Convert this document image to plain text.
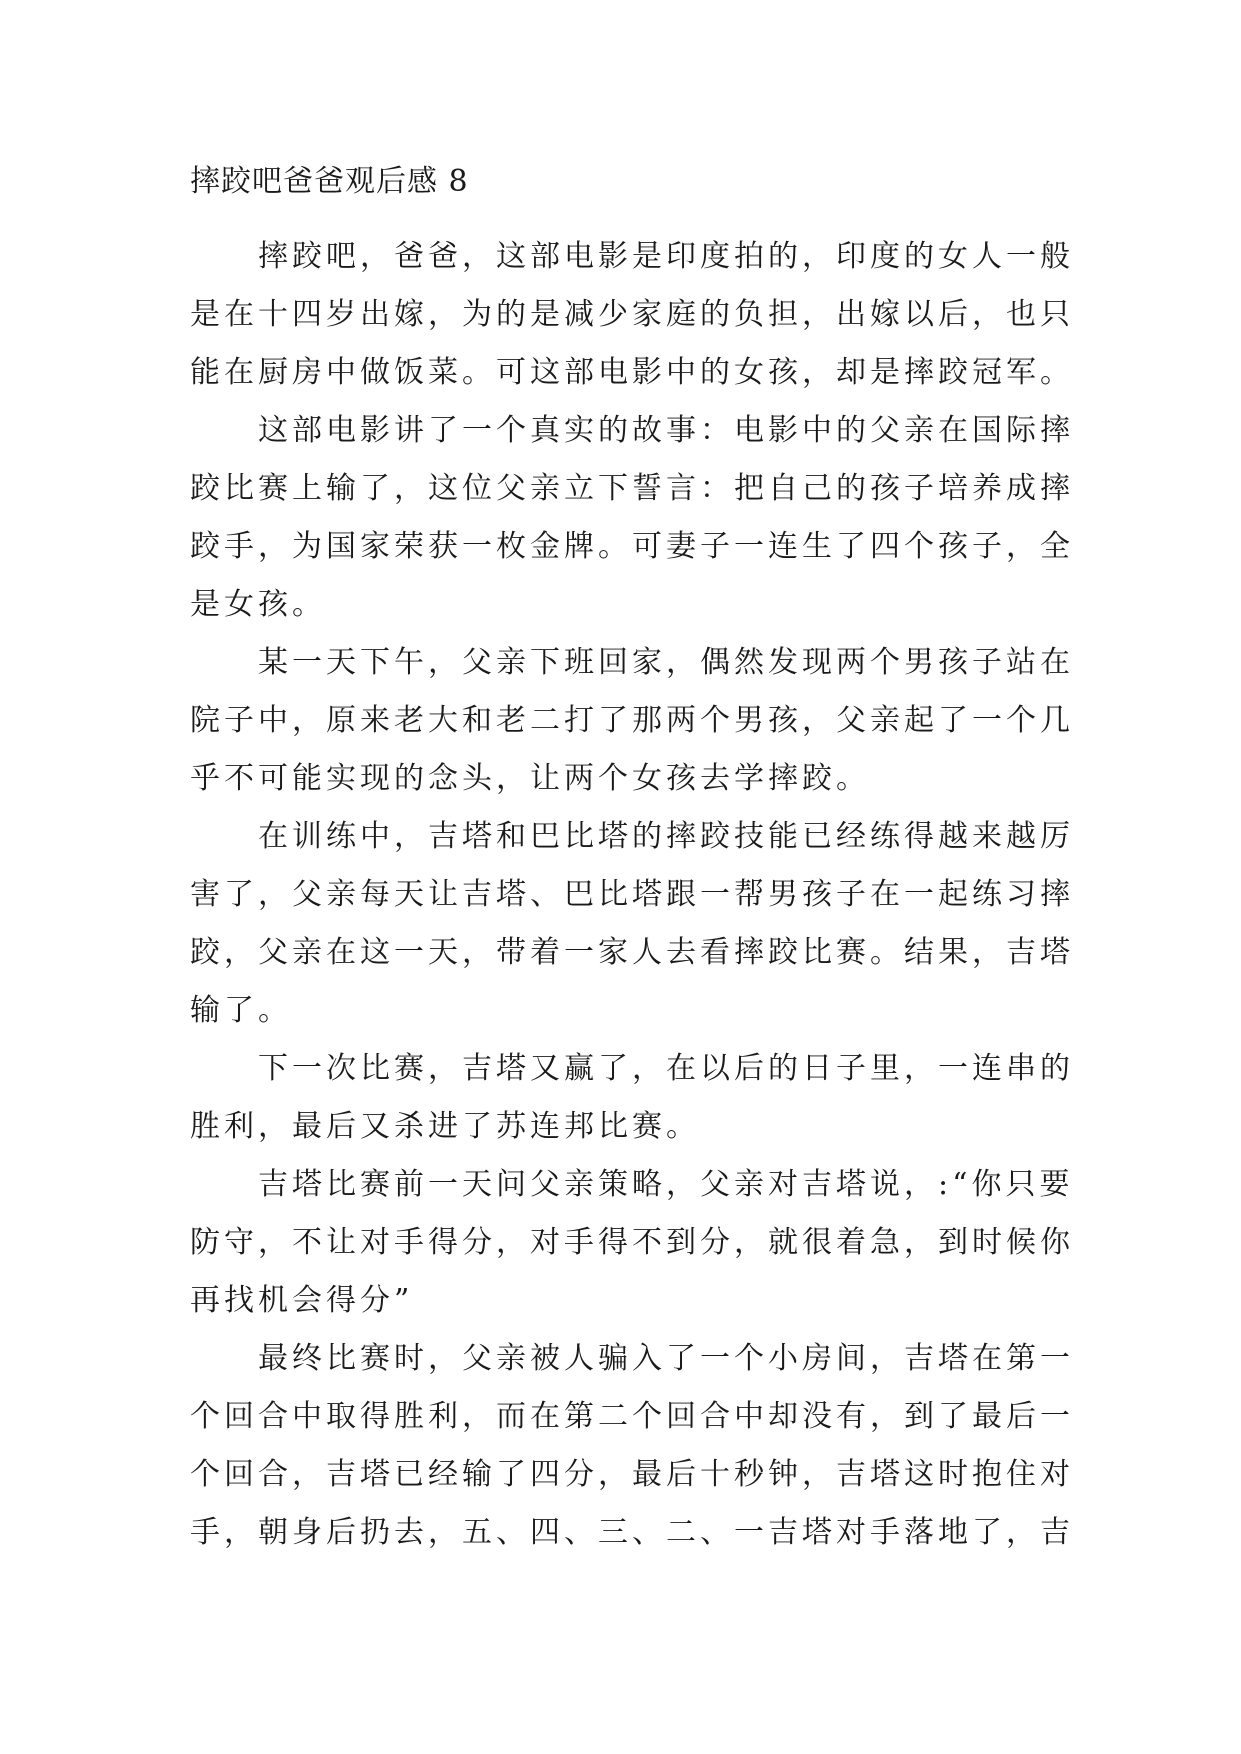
摔跤吧爸爸观后感 8

摔跤吧，爸爸，这部电影是印度拍的，印度的女人一般
是在十四岁出嫁，为的是减少家庭的负担，出嫁以后，也只
能在厨房中做饭菜。可这部电影中的女孩，却是摔跤冠军。

这部电影讲了一个真实的故事：电影中的父亲在国际摔
跤比赛上输了，这位父亲立下誓言：把自己的孩子培养成摔
跤手，为国家荣获一枚金牌。可妻子一连生了四个孩子，全
是女孩。

某一天下午，父亲下班回家，偶然发现两个男孩子站在
院子中，原来老大和老二打了那两个男孩，父亲起了一个几
乎不可能实现的念头，让两个女孩去学摔跤。

在训练中，吉塔和巴比塔的摔跤技能已经练得越来越厉
害了，父亲每天让吉塔、巴比塔跟一帮男孩子在一起练习摔
跤，父亲在这一天，带着一家人去看摔跤比赛。结果，吉塔
输了。

下一次比赛，吉塔又赢了，在以后的日子里，一连串的
胜利，最后又杀进了苏连邦比赛。

吉塔比赛前一天问父亲策略，父亲对吉塔说，:“你只要
防守，不让对手得分，对手得不到分，就很着急，到时候你
再找机会得分”

最终比赛时，父亲被人骗入了一个小房间，吉塔在第一
个回合中取得胜利，而在第二个回合中却没有，到了最后一
个回合，吉塔已经输了四分，最后十秒钟，吉塔这时抱住对
手，朝身后扔去，五、四、三、二、一吉塔对手落地了，吉
